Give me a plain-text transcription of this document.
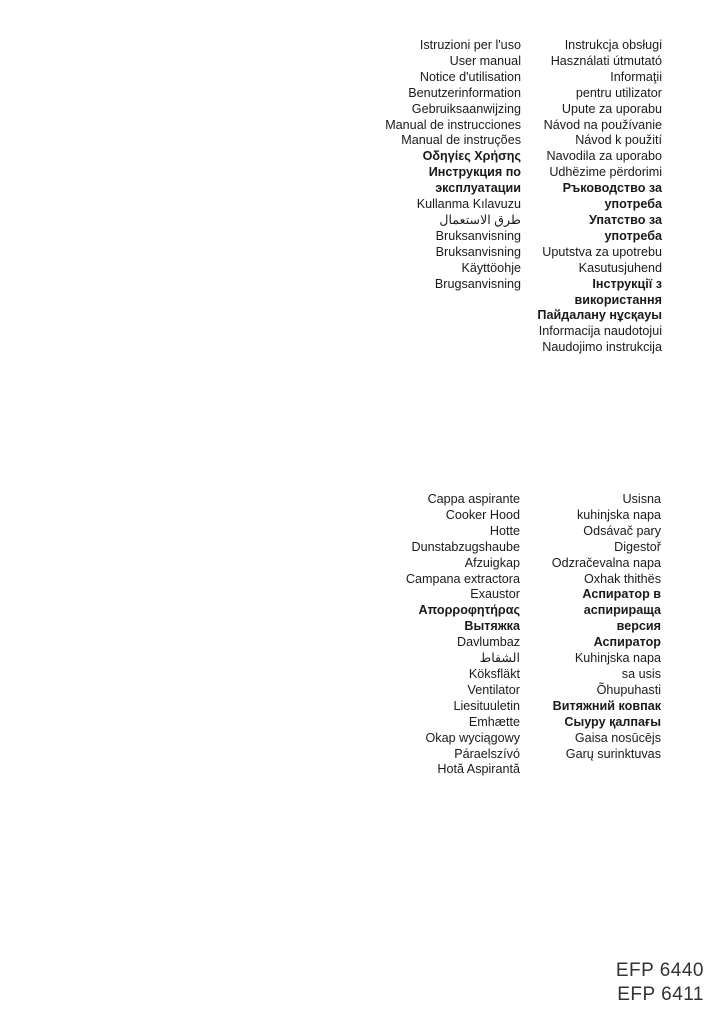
Istruzioni per l'uso
User manual
Notice d'utilisation
Benutzerinformation
Gebruiksaanwijzing
Manual de instrucciones
Manual de instruções
Οδηγίες Χρήσης
Инструкция по
эксплуатации
Kullanma Kılavuzu
طرق الاستعمال
Bruksanvisning
Bruksanvisning
Käyttöohje
Brugsanvisning
Instrukcja obsługi
Használati útmutató
Informaţii
pentru utilizator
Upute za uporabu
Návod na používanie
Návod k použití
Navodila za uporabo
Udhëzime përdorimi
Ръководство за
употреба
Упатство за
употреба
Uputstva za upotrebu
Kasutusjuhend
Інструкції з
використання
Пайдалану нұсқауы
Informacija naudotojui
Naudojimo instrukcija
Cappa aspirante
Cooker Hood
Hotte
Dunstabzugshaube
Afzuigkap
Campana extractora
Exaustor
Απορροφητήρας
Вытяжка
Davlumbaz
الشفاط
Köksfläkt
Ventilator
Liesituuletin
Emhætte
Okap wyciągowy
Páraelszívó
Hotă Aspirantă
Usisna
kuhinjska napa
Odsávač pary
Digestoř
Odzračevalna napa
Oxhak thithës
Аспиратор в
аспирираща
версия
Аспиратор
Kuhinjska napa
sa usis
Õhupuhasti
Витяжний ковпак
Сыуру қалпағы
Gaisa nosūcējs
Garų surinktuvas
EFP 6440
EFP 6411
